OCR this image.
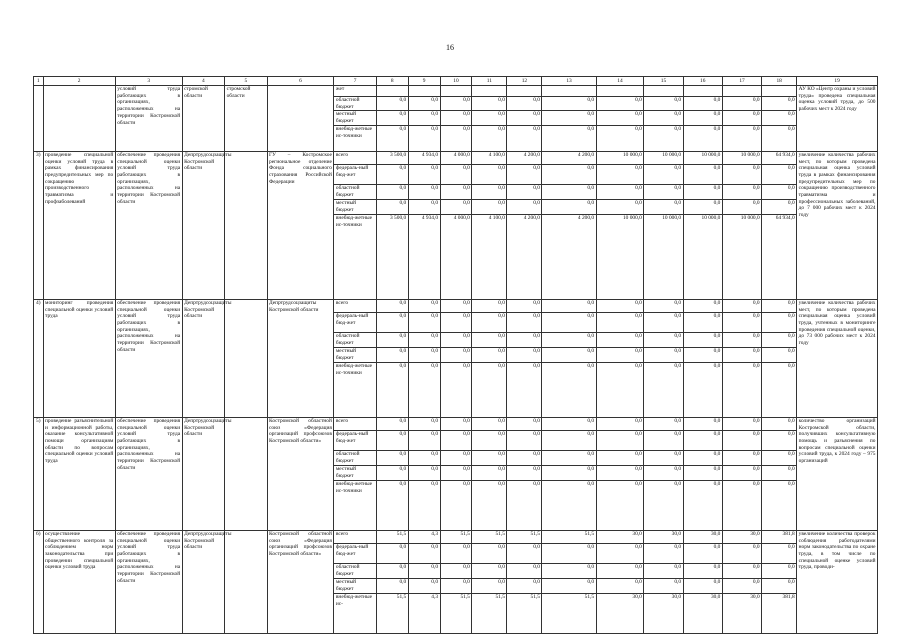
16
1	2	3	4	5	6	7	8	9	10	11	12	13	14	15	16	17	18	19
		условий труда работающих в организациях, расположенных на территории Костромской области	стромской области	стромской области		жет												АУ КО «Центр охраны и условий труда» проведена специальная оценка условий труда, до 500 рабочих мест к 2024 году
						областной бюджет	0,0	0,0	0,0	0,0	0,0	0,0	0,0	0,0	0,0	0,0	0,0	
						местный бюджет	0,0	0,0	0,0	0,0	0,0	0,0	0,0	0,0	0,0	0,0	0,0	
						внебюд-жетные ис-точники	0,0	0,0	0,0	0,0	0,0	0,0	0,0	0,0	0,0	0,0	0,0	
3)	проведение специальной оценки условий труда в рамках финансирования предупредительных мер по сокращению производственного травматизма и профзаболеваний	обеспечение проведения специальной оценки условий труда работающих в организациях, расположенных на территории Костромской области	Депртрудсоцзащиты Костромской области		ГУ – Костромское региональное отделение Фонда социального страхования Российской Федерации	всего	3 500,0	4 934,0	4 000,0	4 100,0	4 200,0	4 200,0	10 000,0	10 000,0	10 000,0	10 000,0	64 934,0	увеличение количества рабочих мест, по которым проведена специальная оценка условий труда в рамках финансирования предупредительных мер по сокращению производственного травматизма и профессиональных заболеваний, до 7 000 рабочих мест к 2024 году
						федераль-ный бюд-жет	0,0	0,0	0,0	0,0	0,0	0,0	0,0	0,0	0,0	0,0	0,0	
						областной бюджет	0,0	0,0	0,0	0,0	0,0	0,0	0,0	0,0	0,0	0,0	0,0	
						местный бюджет	0,0	0,0	0,0	0,0	0,0	0,0	0,0	0,0	0,0	0,0	0,0	
						внебюд-жетные ис-точники	3 500,0	4 934,0	4 000,0	4 100,0	4 200,0	4 200,0	10 000,0	10 000,0	10 000,0	10 000,0	64 934,0	
4)	мониторинг проведения специальной оценки условий труда	обеспечение проведения специальной оценки условий труда работающих в организациях, расположенных на территории Костромской области	Депртрудсоцзащиты Костромской области		Депртрудсоцзащиты Костромской области	всего	0,0	0,0	0,0	0,0	0,0	0,0	0,0	0,0	0,0	0,0	0,0	увеличение количества рабочих мест, по которым проведена специальная оценка условий труда, учтенных в мониторинге проведения специальной оценки, до 73 000 рабочих мест к 2024 году
						федераль-ный бюд-жет	0,0	0,0	0,0	0,0	0,0	0,0	0,0	0,0	0,0	0,0	0,0	
						областной бюджет	0,0	0,0	0,0	0,0	0,0	0,0	0,0	0,0	0,0	0,0	0,0	
						местный бюджет	0,0	0,0	0,0	0,0	0,0	0,0	0,0	0,0	0,0	0,0	0,0	
						внебюд-жетные ис-точники	0,0	0,0	0,0	0,0	0,0	0,0	0,0	0,0	0,0	0,0	0,0	
5)	проведение разъяснительной и информационной работы, оказание консультативной помощи организациям области по вопросам специальной оценки условий труда	обеспечение проведения специальной оценки условий труда работающих в организациях, расположенных на территории Костромской области	Депртрудсоцзащиты Костромской области		Костромской областной союз «Федерация организаций профсоюзов Костромской области»	всего	0,0	0,0	0,0	0,0	0,0	0,0	0,0	0,0	0,0	0,0	0,0	количество организаций Костромской области, получивших консультативную помощь и разъяснения по вопросам специальной оценки условий труда, к 2024 году – 975 организаций
						федераль-ный бюд-жет	0,0	0,0	0,0	0,0	0,0	0,0	0,0	0,0	0,0	0,0	0,0	
						областной бюджет	0,0	0,0	0,0	0,0	0,0	0,0	0,0	0,0	0,0	0,0	0,0	
						местный бюджет	0,0	0,0	0,0	0,0	0,0	0,0	0,0	0,0	0,0	0,0	0,0	
						внебюд-жетные ис-точники	0,0	0,0	0,0	0,0	0,0	0,0	0,0	0,0	0,0	0,0	0,0	
6)	осуществление общественного контроля за соблюдением норм законодательства при проведении специальной оценки условий труда	обеспечение проведения специальной оценки условий труда работающих в организациях, расположенных на территории Костромской области	Депртрудсоцзащиты Костромской области		Костромской областной союз «Федерация организаций профсоюзов Костромской области»	всего	51,5	4,3	51,5	51,5	51,5	51,5	30,0	30,0	30,0	30,0	381,8	увеличение количества проверок соблюдения работодателями норм законодательства по охране труда, в том числе по специальной оценке условий труда, проводи-
						федераль-ный бюд-жет	0,0	0,0	0,0	0,0	0,0	0,0	0,0	0,0	0,0	0,0	0,0	
						областной бюджет	0,0	0,0	0,0	0,0	0,0	0,0	0,0	0,0	0,0	0,0	0,0	
						местный бюджет	0,0	0,0	0,0	0,0	0,0	0,0	0,0	0,0	0,0	0,0	0,0	
						внебюд-жетные ис-	51,5	4,3	51,5	51,5	51,5	51,5	30,0	30,0	30,0	30,0	381,8	
